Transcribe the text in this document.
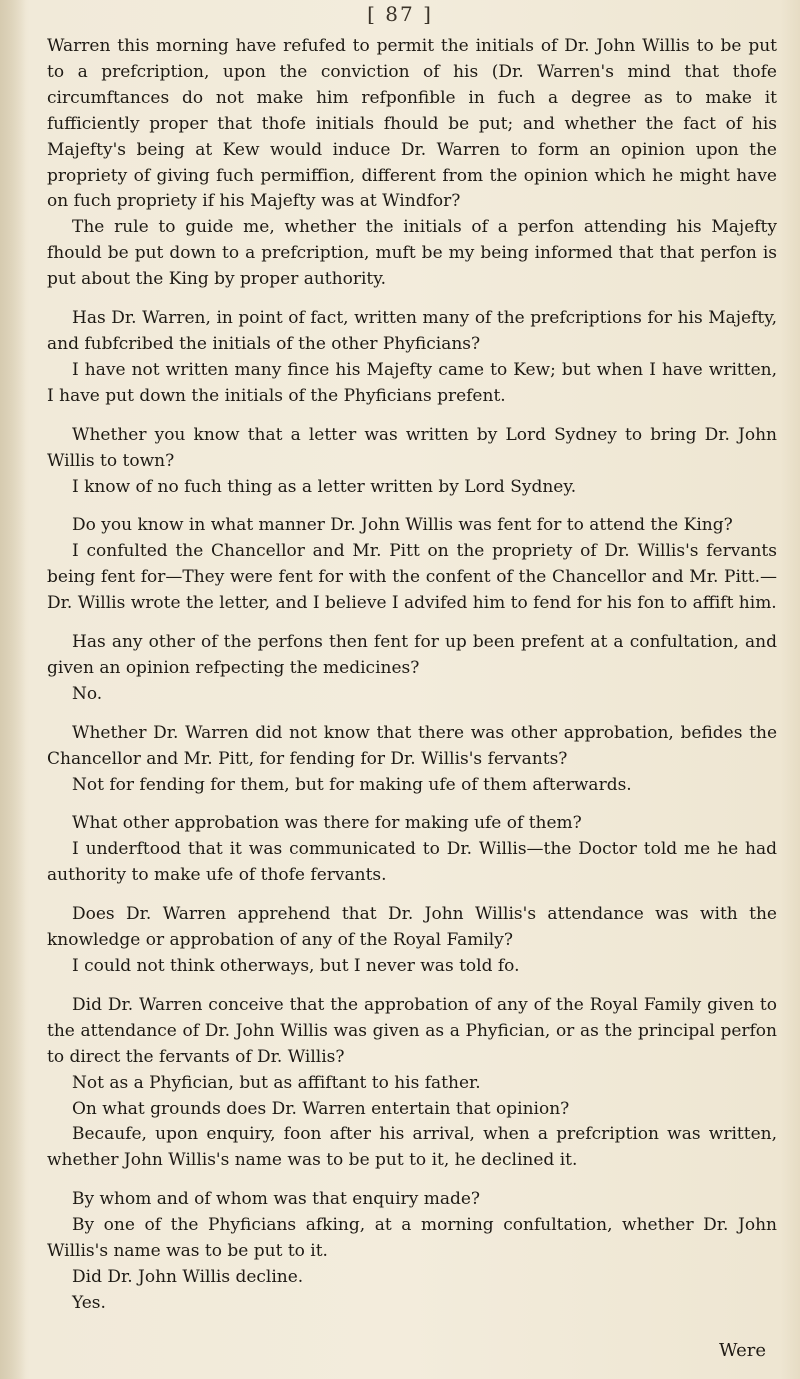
[ 87 ]

Warren this morning have refufed to permit the initials of Dr. John Willis to be put to a prefcription, upon the conviction of his (Dr. Warren's mind that thofe circumftances do not make him refponfible in fuch a degree as to make it fufficiently proper that thofe initials fhould be put; and whether the fact of his Majefty's being at Kew would induce Dr. Warren to form an opinion upon the propriety of giving fuch permiffion, different from the opinion which he might have on fuch propriety if his Majefty was at Windfor?

The rule to guide me, whether the initials of a perfon attending his Majefty fhould be put down to a prefcription, muft be my being informed that that perfon is put about the King by proper authority.

Has Dr. Warren, in point of fact, written many of the prefcriptions for his Majefty, and fubfcribed the initials of the other Phyficians?

I have not written many fince his Majefty came to Kew; but when I have written, I have put down the initials of the Phyficians prefent.

Whether you know that a letter was written by Lord Sydney to bring Dr. John Willis to town?

I know of no fuch thing as a letter written by Lord Sydney.

Do you know in what manner Dr. John Willis was fent for to attend the King?

I confulted the Chancellor and Mr. Pitt on the propriety of Dr. Willis's fervants being fent for—They were fent for with the confent of the Chancellor and Mr. Pitt.—Dr. Willis wrote the letter, and I believe I advifed him to fend for his fon to affift him.

Has any other of the perfons then fent for up been prefent at a confultation, and given an opinion refpecting the medicines?

No.

Whether Dr. Warren did not know that there was other approbation, befides the Chancellor and Mr. Pitt, for fending for Dr. Willis's fervants?

Not for fending for them, but for making ufe of them afterwards.

What other approbation was there for making ufe of them?

I underftood that it was communicated to Dr. Willis—the Doctor told me he had authority to make ufe of thofe fervants.

Does Dr. Warren apprehend that Dr. John Willis's attendance was with the knowledge or approbation of any of the Royal Family?

I could not think otherways, but I never was told fo.

Did Dr. Warren conceive that the approbation of any of the Royal Family given to the attendance of Dr. John Willis was given as a Phyfician, or as the principal perfon to direct the fervants of Dr. Willis?

Not as a Phyfician, but as affiftant to his father.

On what grounds does Dr. Warren entertain that opinion?

Becaufe, upon enquiry, foon after his arrival, when a prefcription was written, whether John Willis's name was to be put to it, he declined it.

By whom and of whom was that enquiry made?

By one of the Phyficians afking, at a morning confultation, whether Dr. John Willis's name was to be put to it.

Did Dr. John Willis decline.

Yes.

Were
